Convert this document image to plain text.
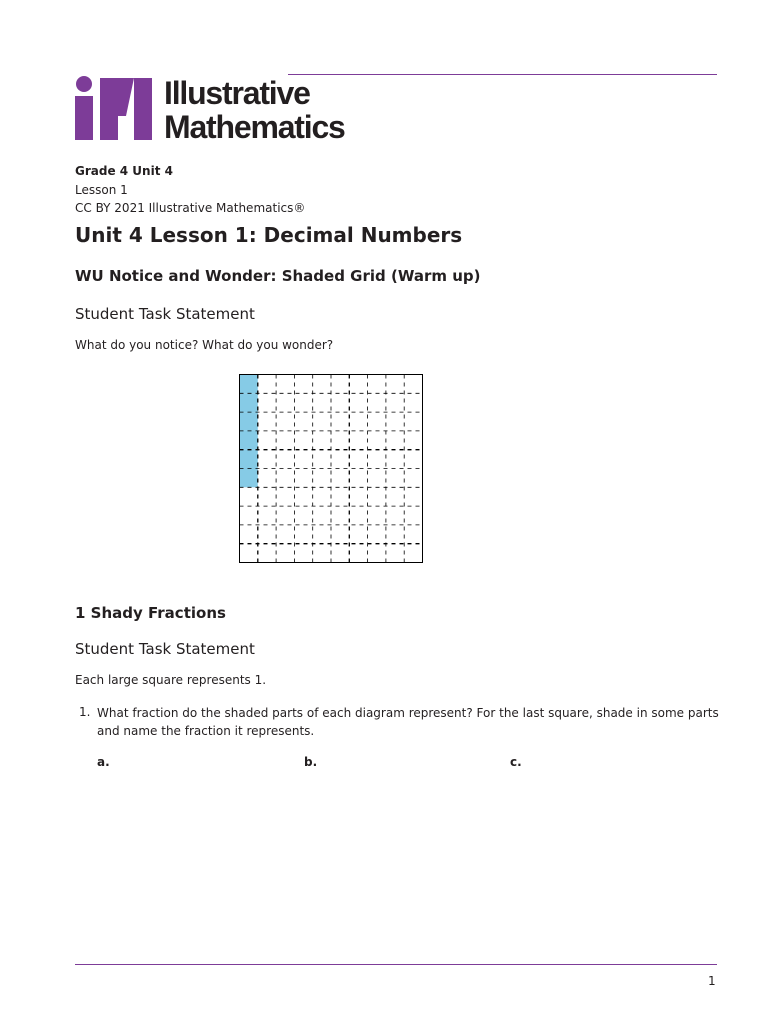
Illustrative
Mathematics
Grade 4 Unit 4
Lesson 1
CC BY 2021 Illustrative Mathematics®
Unit 4 Lesson 1: Decimal Numbers
WU Notice and Wonder: Shaded Grid (Warm up)
Student Task Statement

What do you notice? What do you wonder?

1 Shady Fractions
Student Task Statement

Each large square represents 1.

1. What fraction do the shaded parts of each diagram represent? For the last square, shade in some parts and name the fraction it represents.
a.	b.	c.
1
